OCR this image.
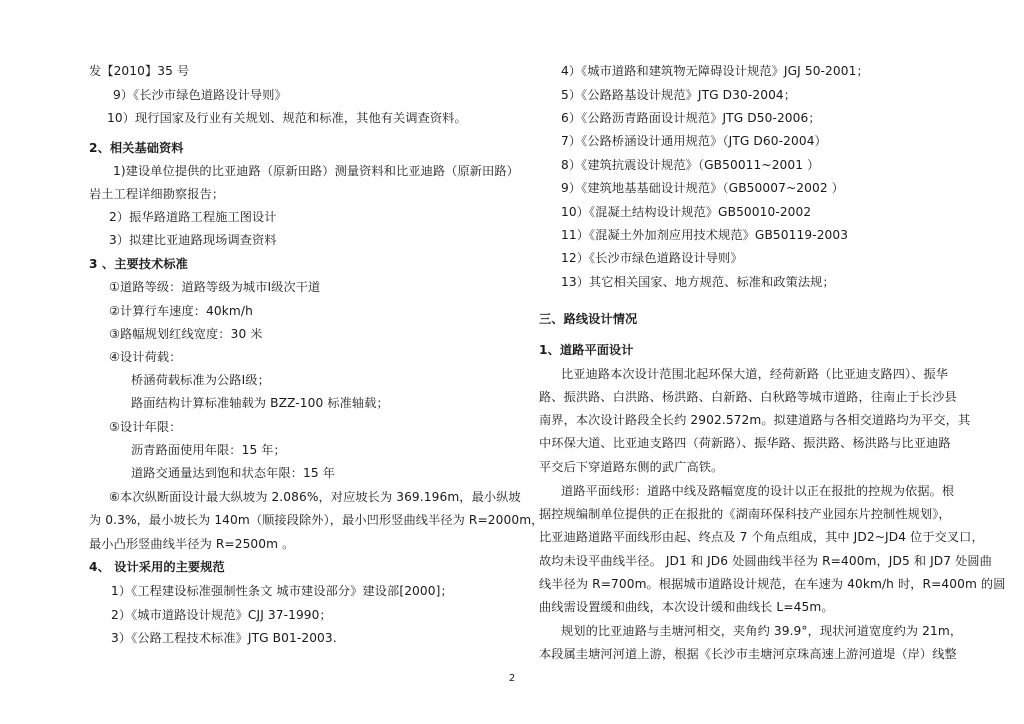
发【2010】35 号
9）《长沙市绿色道路设计导则》
10）现行国家及行业有关规划、规范和标准，其他有关调查资料。
2、相关基础资料
1)建设单位提供的比亚迪路（原新田路）测量资料和比亚迪路（原新田路）
岩土工程详细勘察报告；
2）振华路道路工程施工图设计
3）拟建比亚迪路现场调查资料
3 、主要技术标准
①道路等级：道路等级为城市Ⅰ级次干道
②计算行车速度：40km/h
③路幅规划红线宽度：30 米
④设计荷载：
桥涵荷载标准为公路Ⅰ级；
路面结构计算标准轴载为 BZZ-100 标准轴载；
⑤设计年限：
沥青路面使用年限：15 年；
道路交通量达到饱和状态年限：15 年
⑥本次纵断面设计最大纵坡为 2.086%，对应坡长为 369.196m，最小纵坡
为 0.3%，最小坡长为 140m（顺接段除外），最小凹形竖曲线半径为 R=2000m，
最小凸形竖曲线半径为 R=2500m 。
4、 设计采用的主要规范
1）《工程建设标准强制性条文 城市建设部分》建设部[2000]；
2）《城市道路设计规范》CJJ 37-1990；
3）《公路工程技术标准》JTG B01-2003.
4）《城市道路和建筑物无障碍设计规范》JGJ 50-2001；
5）《公路路基设计规范》JTG D30-2004；
6）《公路沥青路面设计规范》JTG D50-2006；
7）《公路桥涵设计通用规范》（JTG D60-2004）
8）《建筑抗震设计规范》（GB50011~2001 ）
9）《建筑地基基础设计规范》（GB50007~2002 ）
10）《混凝土结构设计规范》GB50010-2002
11）《混凝土外加剂应用技术规范》GB50119-2003
12）《长沙市绿色道路设计导则》
13）其它相关国家、地方规范、标准和政策法规；
三、路线设计情况
1、道路平面设计
比亚迪路本次设计范围北起环保大道，经荷新路（比亚迪支路四）、振华
路、振洪路、白洪路、杨洪路、白新路、白秋路等城市道路，往南止于长沙县
南界，本次设计路段全长约 2902.572m。拟建道路与各相交道路均为平交，其
中环保大道、比亚迪支路四（荷新路）、振华路、振洪路、杨洪路与比亚迪路
平交后下穿道路东侧的武广高铁。
道路平面线形：道路中线及路幅宽度的设计以正在报批的控规为依据。根
据控规编制单位提供的正在报批的《湖南环保科技产业园东片控制性规划》，
比亚迪路道路平面线形由起、终点及 7 个角点组成，其中 JD2~JD4 位于交叉口，
故均未设平曲线半径。 JD1 和 JD6 处圆曲线半径为 R=400m，JD5 和 JD7 处圆曲
线半径为 R=700m。根据城市道路设计规范，在车速为 40km/h 时，R=400m 的圆
曲线需设置缓和曲线，本次设计缓和曲线长 L=45m。
规划的比亚迪路与圭塘河相交，夹角约 39.9°，现状河道宽度约为 21m，
本段属圭塘河河道上游，根据《长沙市圭塘河京珠高速上游河道堤（岸）线整
2
